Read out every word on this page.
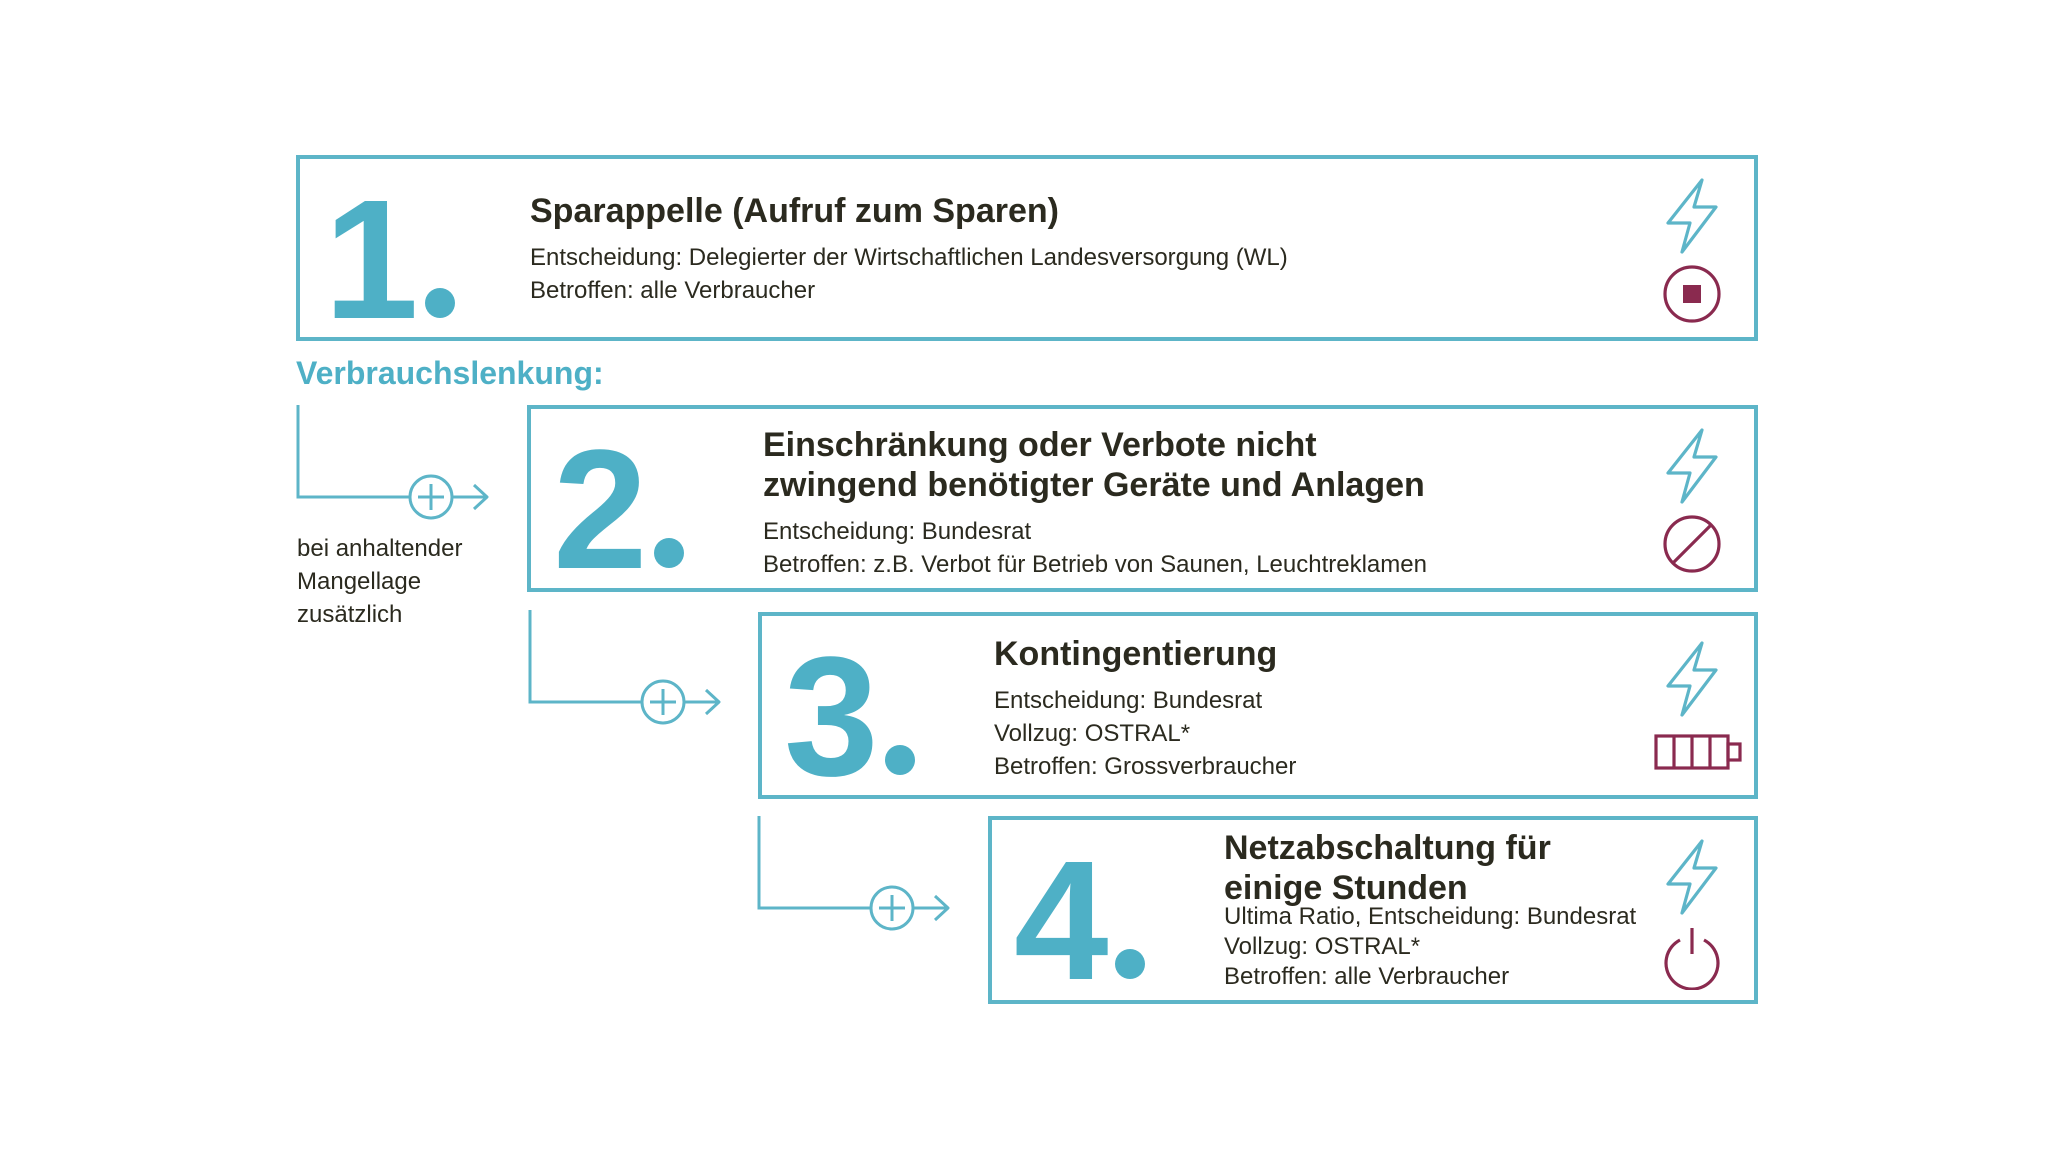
1	Sparappelle (Aufruf zum Sparen)
Entscheidung: Delegierter der Wirtschaftlichen Landesversorgung (WL)
Betroffen: alle Verbraucher
Verbrauchslenkung:
bei anhaltender
Mangellage
zusätzlich
2	Einschränkung oder Verbote nicht
zwingend benötigter Geräte und Anlagen
Entscheidung: Bundesrat
Betroffen: z.B. Verbot für Betrieb von Saunen, Leuchtreklamen
3	Kontingentierung
Entscheidung: Bundesrat
Vollzug: OSTRAL*
Betroffen: Grossverbraucher
4	Netzabschaltung für
einige Stunden
Ultima Ratio, Entscheidung: Bundesrat
Vollzug: OSTRAL*
Betroffen: alle Verbraucher
